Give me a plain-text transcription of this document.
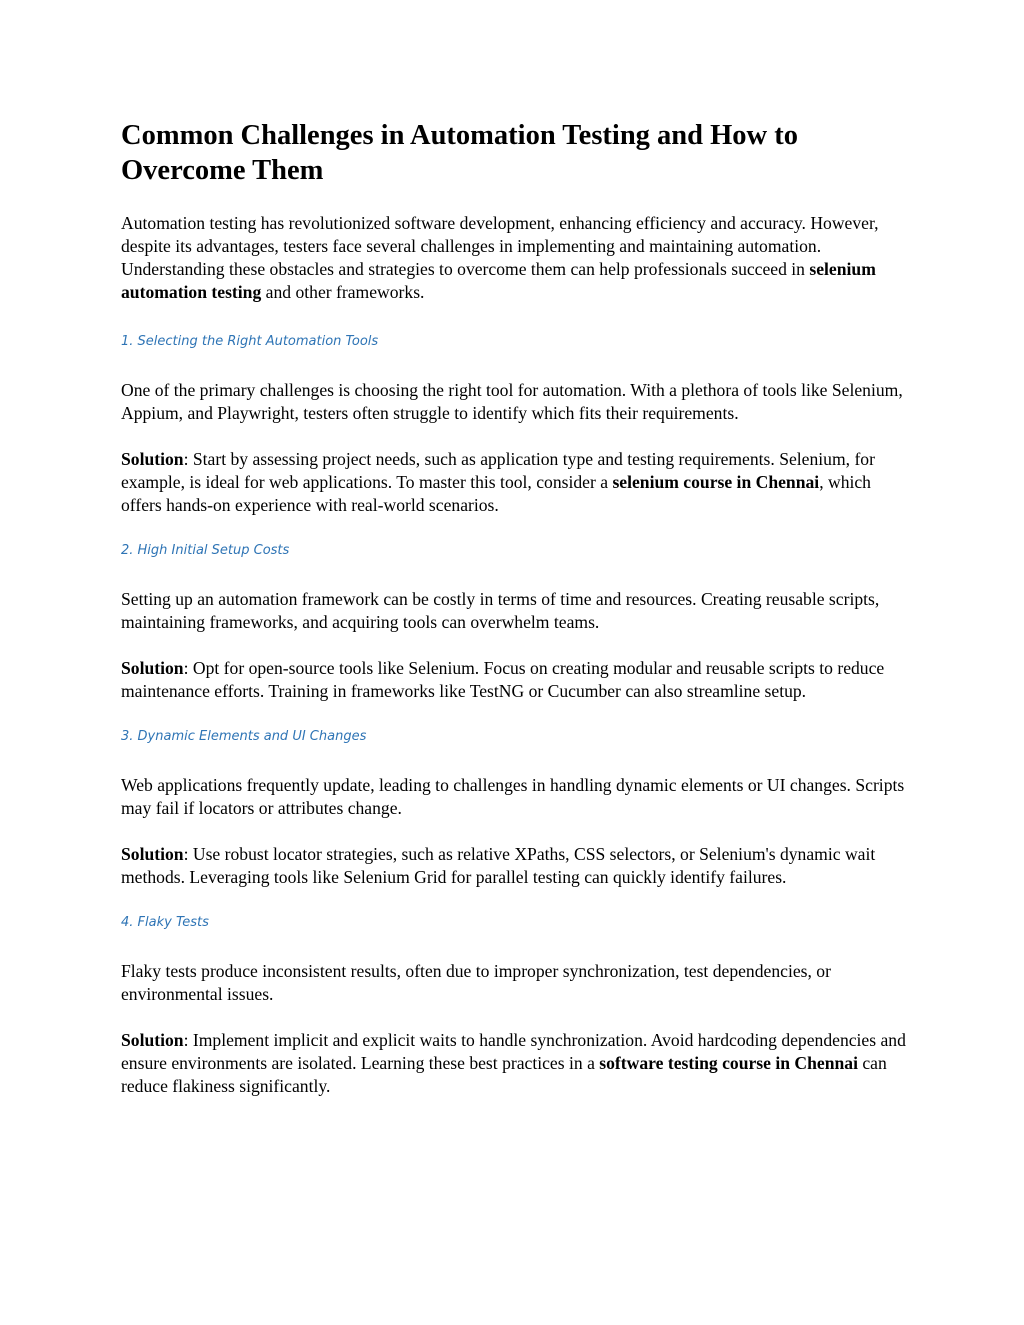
Common Challenges in Automation Testing and How to Overcome Them

Automation testing has revolutionized software development, enhancing efficiency and accuracy. However, despite its advantages, testers face several challenges in implementing and maintaining automation. Understanding these obstacles and strategies to overcome them can help professionals succeed in selenium automation testing and other frameworks.

1. Selecting the Right Automation Tools

One of the primary challenges is choosing the right tool for automation. With a plethora of tools like Selenium, Appium, and Playwright, testers often struggle to identify which fits their requirements.

Solution: Start by assessing project needs, such as application type and testing requirements. Selenium, for example, is ideal for web applications. To master this tool, consider a selenium course in Chennai, which offers hands-on experience with real-world scenarios.

2. High Initial Setup Costs

Setting up an automation framework can be costly in terms of time and resources. Creating reusable scripts, maintaining frameworks, and acquiring tools can overwhelm teams.

Solution: Opt for open-source tools like Selenium. Focus on creating modular and reusable scripts to reduce maintenance efforts. Training in frameworks like TestNG or Cucumber can also streamline setup.

3. Dynamic Elements and UI Changes

Web applications frequently update, leading to challenges in handling dynamic elements or UI changes. Scripts may fail if locators or attributes change.

Solution: Use robust locator strategies, such as relative XPaths, CSS selectors, or Selenium's dynamic wait methods. Leveraging tools like Selenium Grid for parallel testing can quickly identify failures.

4. Flaky Tests

Flaky tests produce inconsistent results, often due to improper synchronization, test dependencies, or environmental issues.

Solution: Implement implicit and explicit waits to handle synchronization. Avoid hardcoding dependencies and ensure environments are isolated. Learning these best practices in a software testing course in Chennai can reduce flakiness significantly.
